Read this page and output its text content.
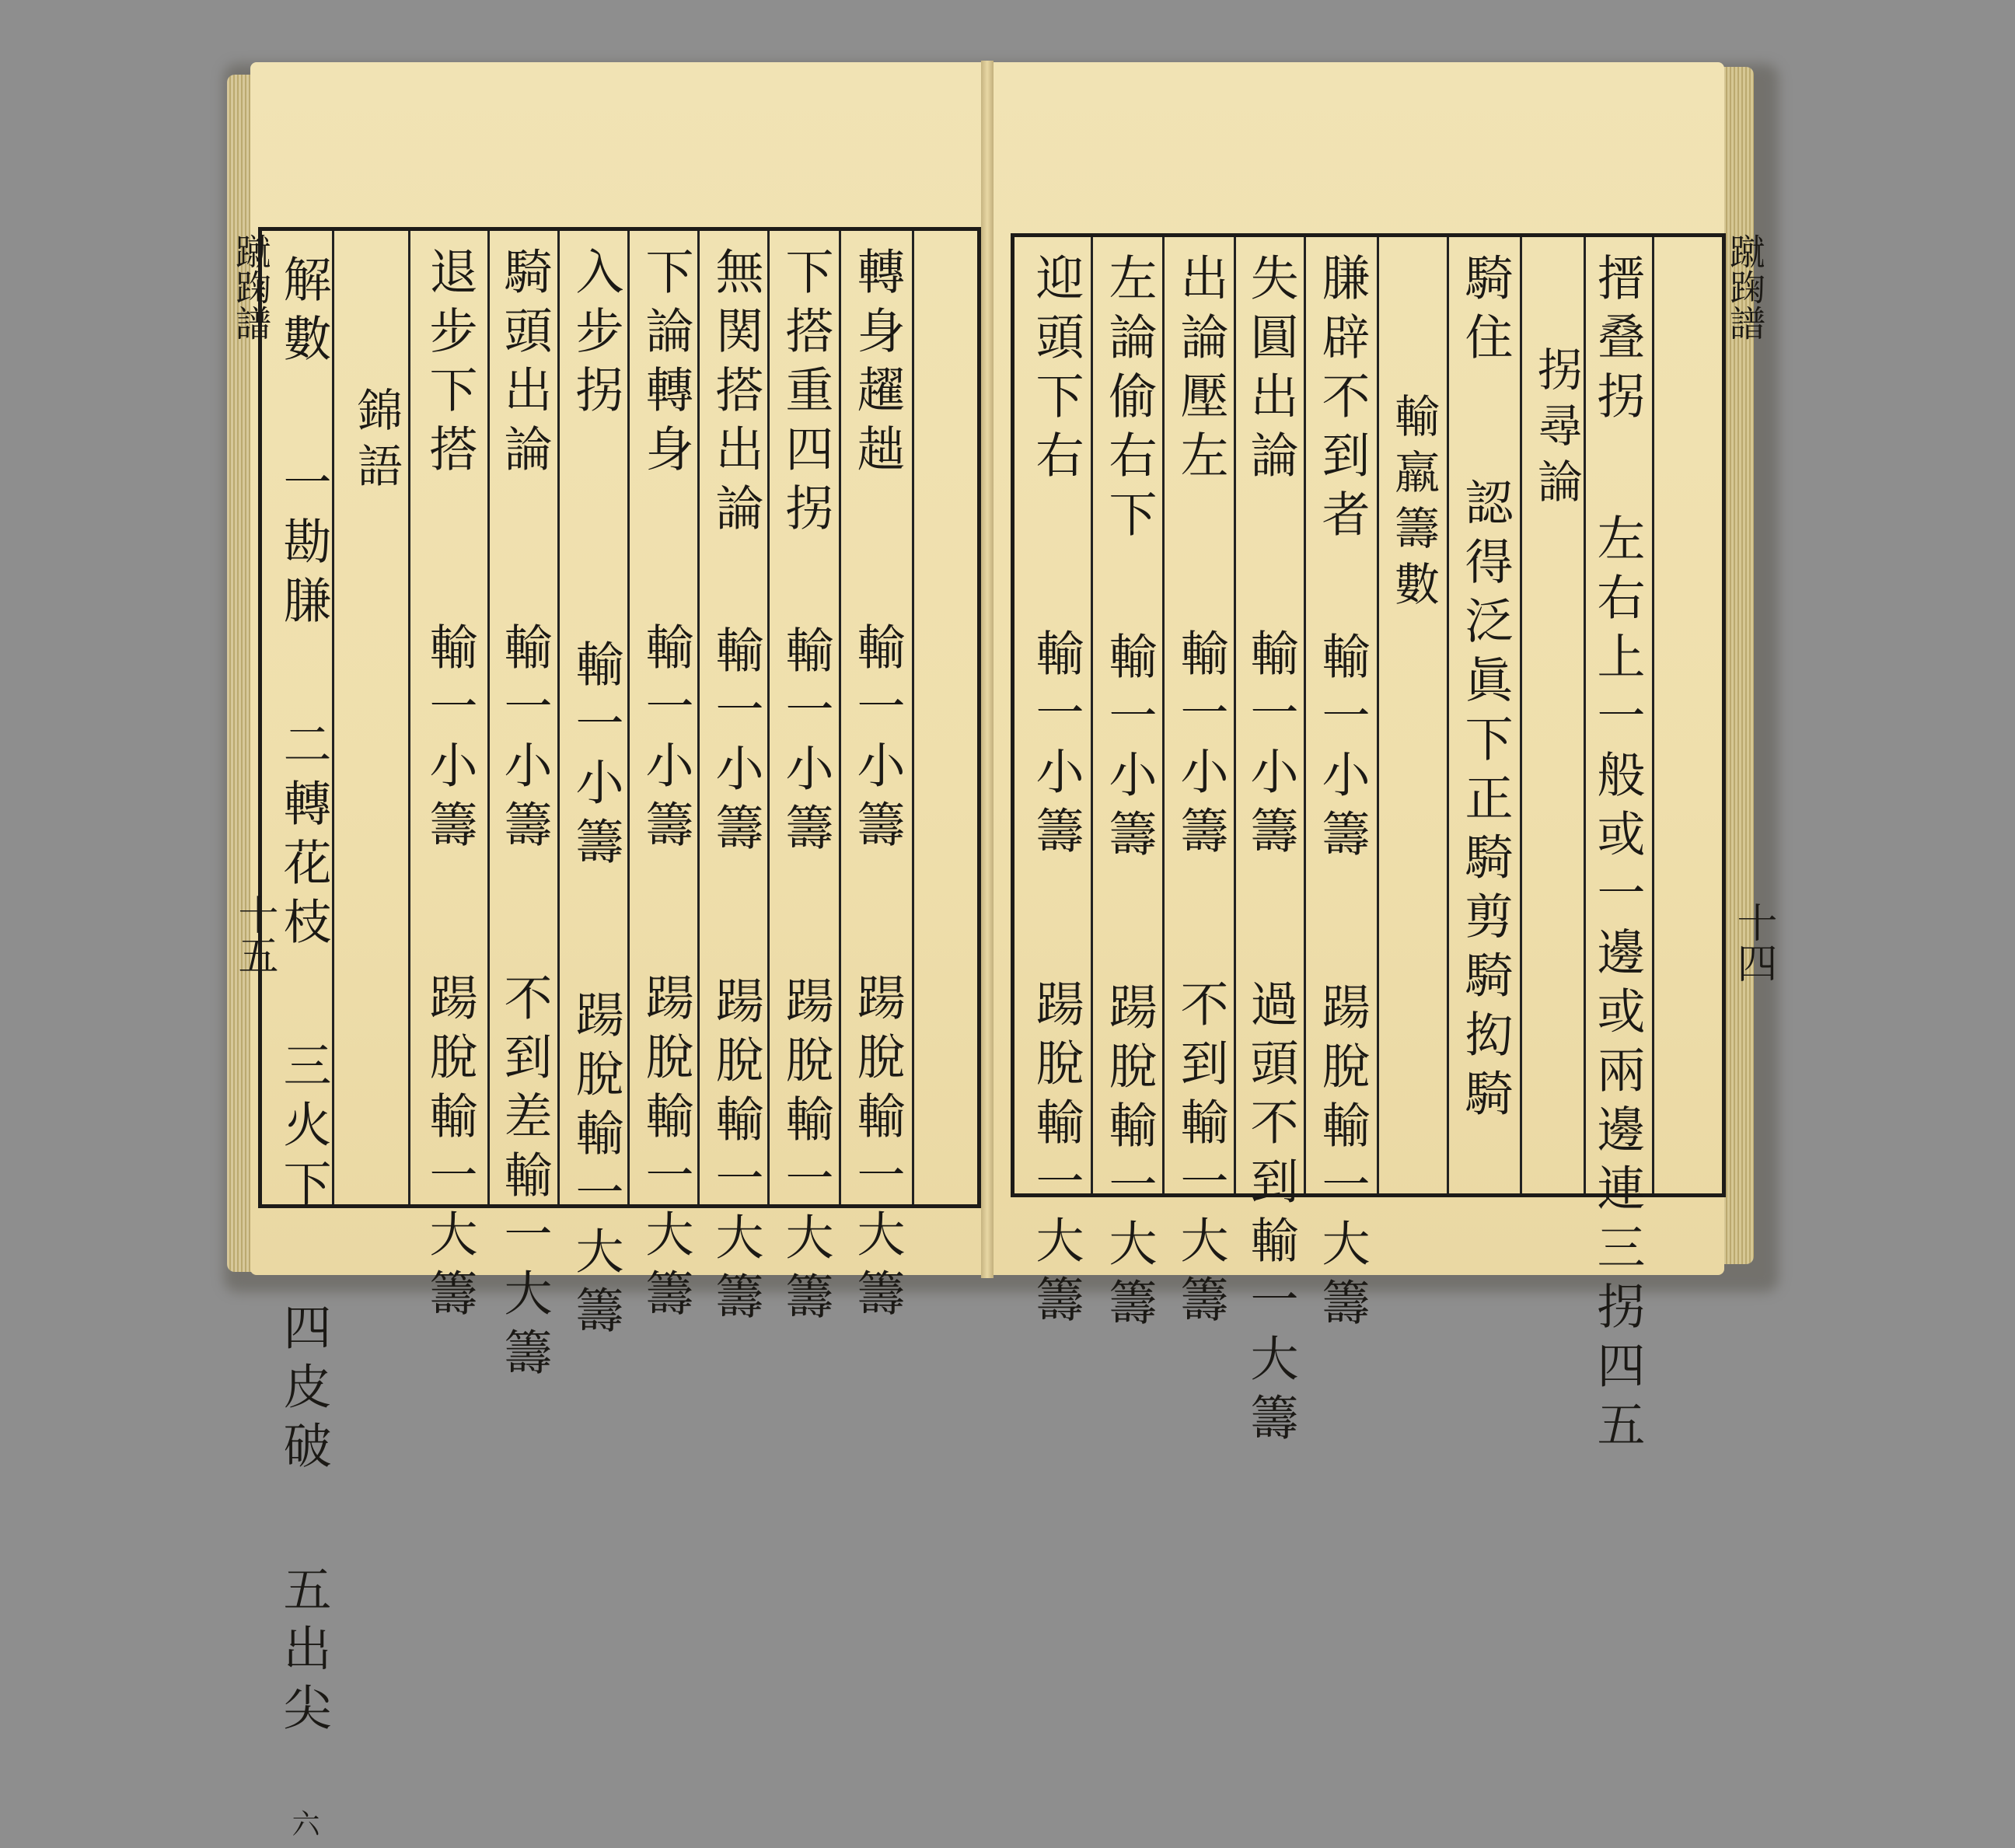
解數 一勘膁 二轉花枝 三火下 四皮破 五出尖 六
錦語 退步下搭 輸一小籌 踼脫輸一大籌
騎頭出論 輸一小籌 不到差輸一大籌
入步拐 輸一小籌 踼脫輸一大籌
下論轉身 輸一小籌 踼脫輸一大籌
無関搭出論 輸一小籌 踼脫輸一大籌
下搭重四拐 輸一小籌 踼脫輸一大籌
轉身趯趉 輸一小籌 踼脫輸一大籌
蹴踘譜
十五
迎頭下右 輸一小籌 踼脫輸一大籌
左論偷右下 輸一小籌 踼脫輸一大籌
出論壓左 輸一小籌 不到輸一大籌
失圓出論 輸一小籌 過頭不到輸一大籌
膁辟不到者 輸一小籌 踼脫輸一大籌
輸羸籌數
騎住 認得泛眞下正騎剪騎抝騎
拐尋論 搢叠拐 左右上一般或一邊或兩邊連三拐四五
蹴踘譜
十四
